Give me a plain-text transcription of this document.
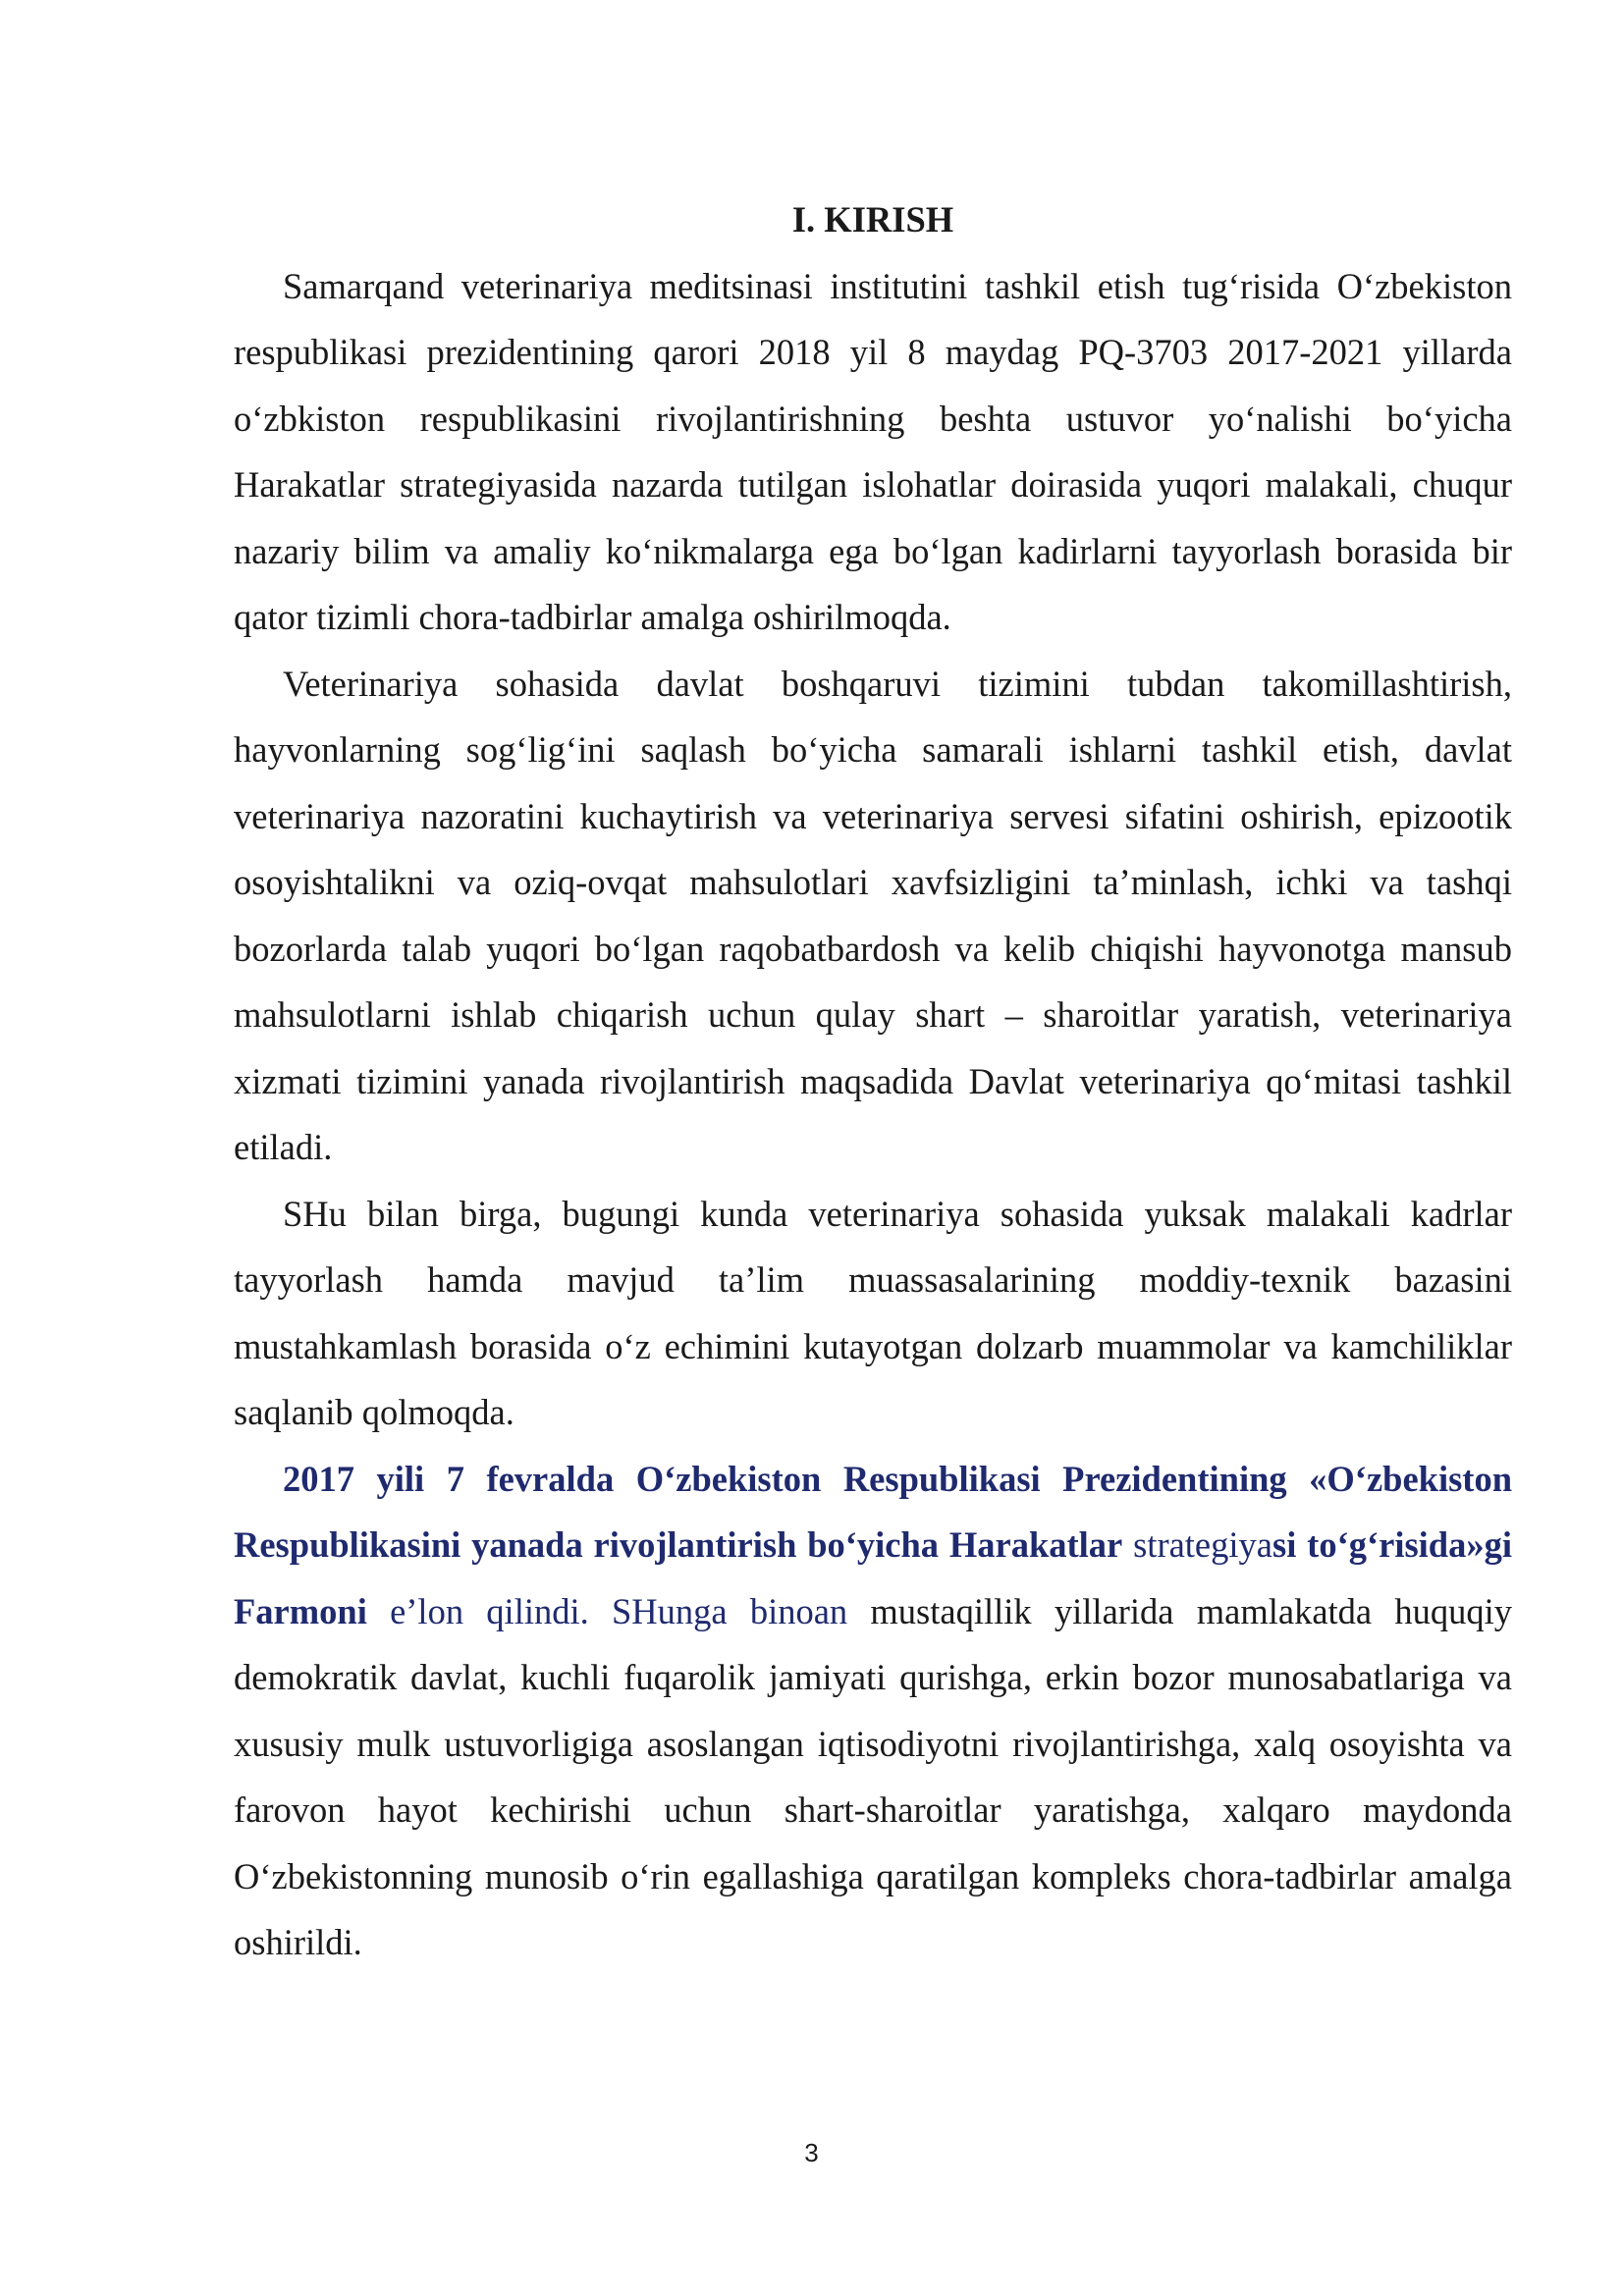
I. KIRISH

Samarqand veterinariya meditsinasi institutini tashkil etish tug‘risida O‘zbekiston respublikasi prezidentining qarori 2018 yil 8 maydag PQ-3703 2017-2021 yillarda o‘zbkiston respublikasini rivojlantirishning beshta ustuvor yo‘nalishi bo‘yicha Harakatlar strategiyasida nazarda tutilgan islohatlar doirasida yuqori malakali, chuqur nazariy bilim va amaliy ko‘nikmalarga ega bo‘lgan kadirlarni tayyorlash borasida bir qator tizimli chora-tadbirlar amalga oshirilmoqda.

Veterinariya sohasida davlat boshqaruvi tizimini tubdan takomillashtirish, hayvonlarning sog‘lig‘ini saqlash bo‘yicha samarali ishlarni tashkil etish, davlat veterinariya nazoratini kuchaytirish va veterinariya servesi sifatini oshirish, epizootik osoyishtalikni va oziq-ovqat mahsulotlari xavfsizligini ta’minlash, ichki va tashqi bozorlarda talab yuqori bo‘lgan raqobatbardosh va kelib chiqishi hayvonotga mansub mahsulotlarni ishlab chiqarish uchun qulay shart – sharoitlar yaratish, veterinariya xizmati tizimini yanada rivojlantirish maqsadida Davlat veterinariya qo‘mitasi tashkil etiladi.

SHu bilan birga, bugungi kunda veterinariya sohasida yuksak malakali kadrlar tayyorlash hamda mavjud ta’lim muassasalarining moddiy-texnik bazasini mustahkamlash borasida o‘z echimini kutayotgan dolzarb muammolar va kamchiliklar saqlanib qolmoqda.

2017 yili 7 fevralda O‘zbekiston Respublikasi Prezidentining «O‘zbekiston Respublikasini yanada rivojlantirish bo‘yicha Harakatlar strategiyasi to‘g‘risida»gi Farmoni e’lon qilindi. SHunga binoan mustaqillik yillarida mamlakatda huquqiy demokratik davlat, kuchli fuqarolik jamiyati qurishga, erkin bozor munosabatlariga va xususiy mulk ustuvorligiga asoslangan iqtisodiyotni rivojlantirishga, xalq osoyishta va farovon hayot kechirishi uchun shart-sharoitlar yaratishga, xalqaro maydonda O‘zbekistonning munosib o‘rin egallashiga qaratilgan kompleks chora-tadbirlar amalga oshirildi.

3
